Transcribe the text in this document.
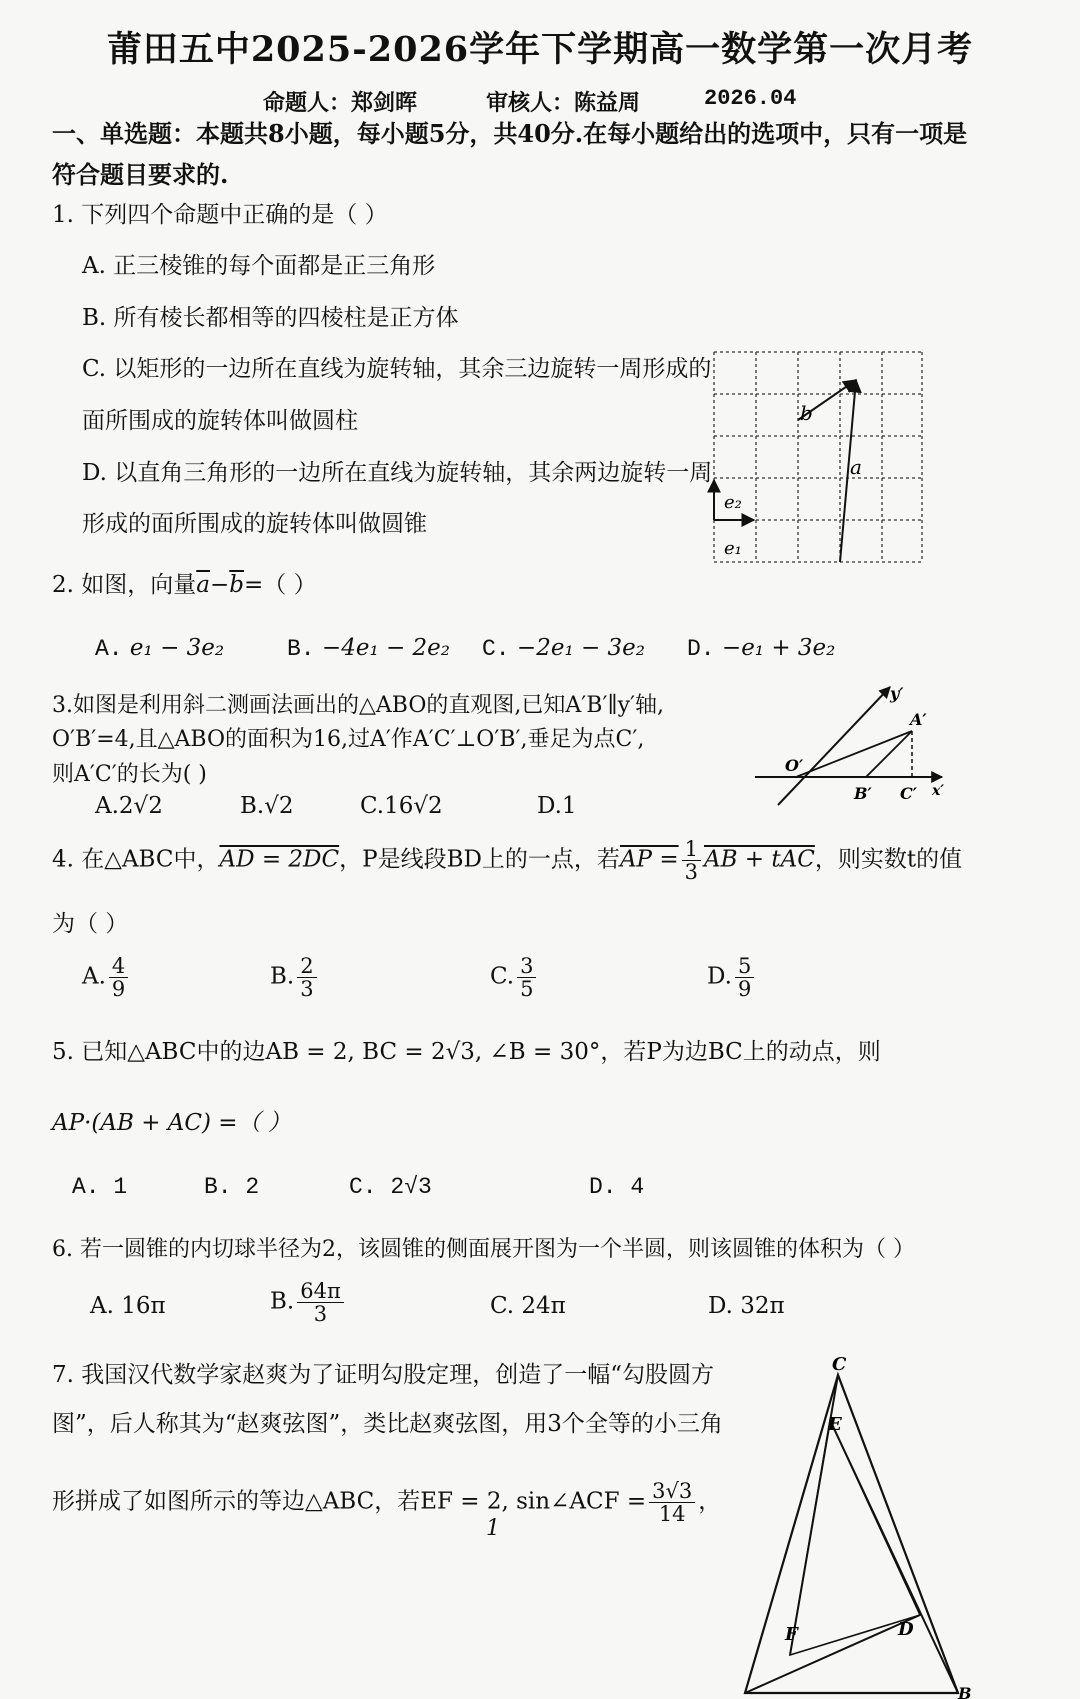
莆田五中2025-2026学年下学期高一数学第一次月考
命题人：郑剑晖	审核人：陈益周	2026.04
一、单选题：本题共8小题，每小题5分，共40分.在每小题给出的选项中，只有一项是
符合题目要求的.
1. 下列四个命题中正确的是（ ）
A. 正三棱锥的每个面都是正三角形
B. 所有棱长都相等的四棱柱是正方体
C. 以矩形的一边所在直线为旋转轴，其余三边旋转一周形成的
面所围成的旋转体叫做圆柱
D. 以直角三角形的一边所在直线为旋转轴，其余两边旋转一周
形成的面所围成的旋转体叫做圆锥
b
a
e₂
e₁
2. 如图，向量$\overline{a}-\overline{b}=$（ ）
A. e₁ − 3e₂	B. −4e₁ − 2e₂ C. −2e₁ − 3e₂ D. −e₁ + 3e₂
3.如图是利用斜二测画法画出的△ABO的直观图,已知A′B′∥y′轴,
O′B′=4,且△ABO的面积为16,过A′作A′C′⊥O′B′,垂足为点C′,
则A′C′的长为( )
A.2√2	B.√2	C.16√2	D.1
y′
A′
O′
B′ C′ x′
4. 在△ABC中，AD = 2DC，P是线段BD上的一点，若AP = $\frac{1}{3}$ AB + tAC，则实数t的值
为（ ）
A. $\frac{4}{9}$	B. $\frac{2}{3}$	C. $\frac{3}{5}$	D. $\frac{5}{9}$
5. 已知△ABC中的边AB = 2, BC = 2√3, ∠B = 30°，若P为边BC上的动点，则
AP·(AB + AC) =（ ）
A. 1	B. 2	C. 2√3	D. 4
6. 若一圆锥的内切球半径为2，该圆锥的侧面展开图为一个半圆，则该圆锥的体积为（ ）
A. 16π	B. $\frac{64\pi}{3}$	C. 24π	D. 32π
7. 我国汉代数学家赵爽为了证明勾股定理，创造了一幅“勾股圆方
图”，后人称其为“赵爽弦图”，类比赵爽弦图，用3个全等的小三角
形拼成了如图所示的等边△ABC，若EF = 2, sin∠ACF = $\frac{3√3}{14}$ ，
C
E
F	D
B
1
